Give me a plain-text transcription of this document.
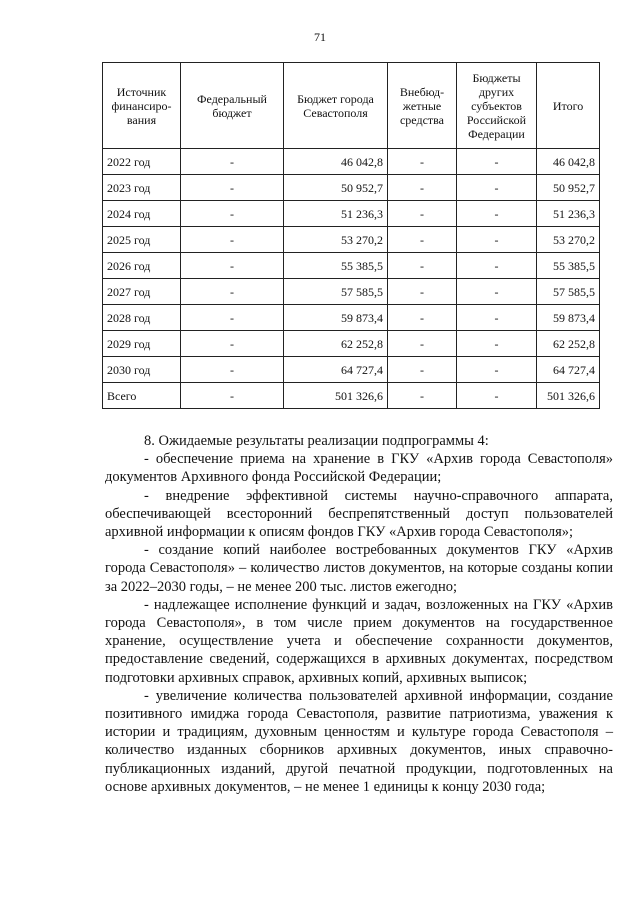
71
Источник финансиро-вания	Федеральный бюджет	Бюджет города Севастополя	Внебюд-жетные средства	Бюджеты других субъектов Российской Федерации	Итого
2022 год	-	46 042,8	-	-	46 042,8
2023 год	-	50 952,7	-	-	50 952,7
2024 год	-	51 236,3	-	-	51 236,3
2025 год	-	53 270,2	-	-	53 270,2
2026 год	-	55 385,5	-	-	55 385,5
2027 год	-	57 585,5	-	-	57 585,5
2028 год	-	59 873,4	-	-	59 873,4
2029 год	-	62 252,8	-	-	62 252,8
2030 год	-	64 727,4	-	-	64 727,4
Всего	-	501 326,6	-	-	501 326,6

8. Ожидаемые результаты реализации подпрограммы 4:

- обеспечение приема на хранение в ГКУ «Архив города Севастополя» документов Архивного фонда Российской Федерации;

- внедрение эффективной системы научно-справочного аппарата, обеспечивающей всесторонний беспрепятственный доступ пользователей архивной информации к описям фондов ГКУ «Архив города Севастополя»;

- создание копий наиболее востребованных документов ГКУ «Архив города Севастополя» – количество листов документов, на которые созданы копии за 2022–2030 годы, – не менее 200 тыс. листов ежегодно;

- надлежащее исполнение функций и задач, возложенных на ГКУ «Архив города Севастополя», в том числе прием документов на государственное хранение, осуществление учета и обеспечение сохранности документов, предоставление сведений, содержащихся в архивных документах, посредством подготовки архивных справок, архивных копий, архивных выписок;

- увеличение количества пользователей архивной информации, создание позитивного имиджа города Севастополя, развитие патриотизма, уважения к истории и традициям, духовным ценностям и культуре города Севастополя – количество изданных сборников архивных документов, иных справочно-публикационных изданий, другой печатной продукции, подготовленных на основе архивных документов, – не менее 1 единицы к концу 2030 года;
